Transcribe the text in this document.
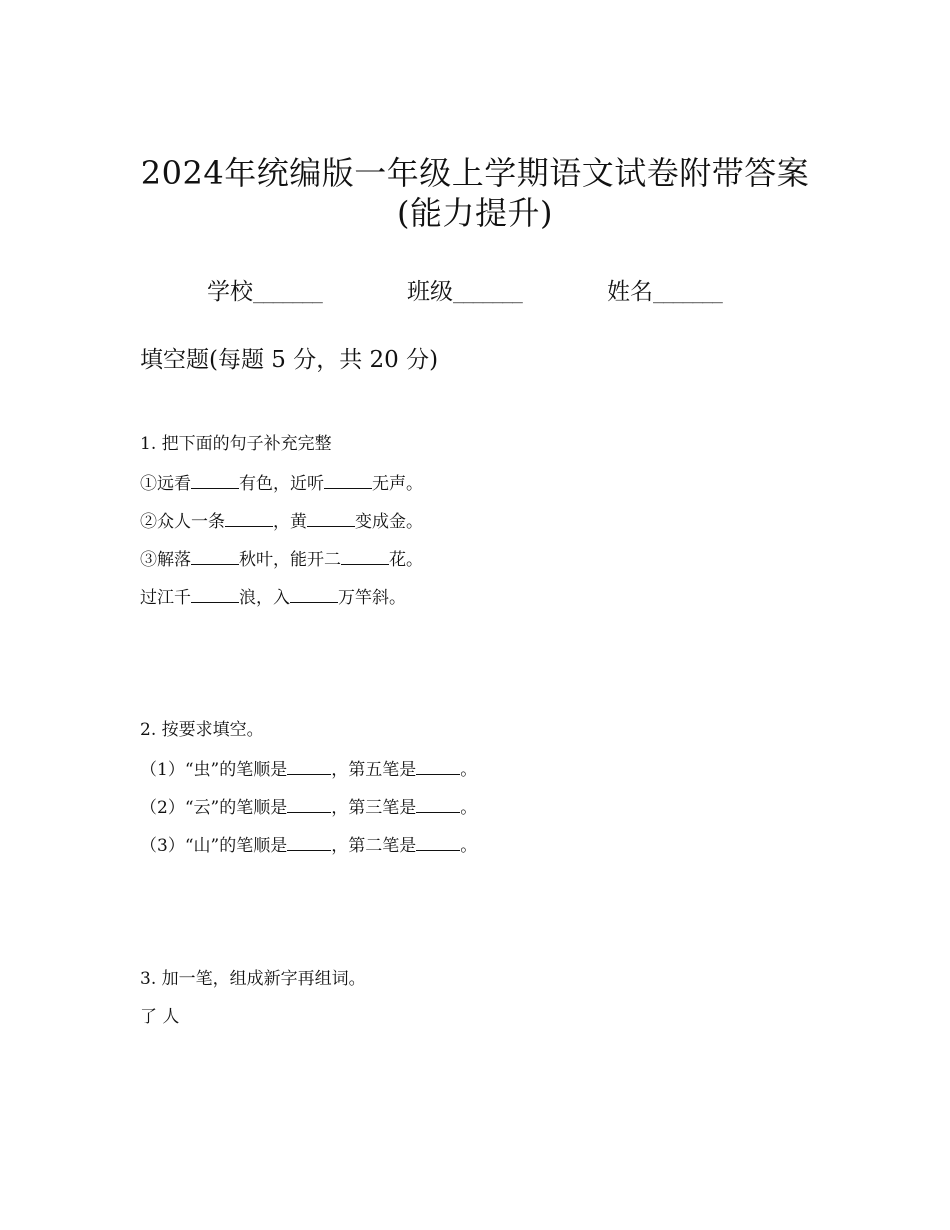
2024年统编版一年级上学期语文试卷附带答案
(能力提升)
学校_______	班级_______	姓名_______
填空题(每题 5 分，共 20 分)
1. 把下面的句子补充完整
①远看	有色，近听	无声。
②众人一条	，黄	变成金。
③解落	秋叶，能开二	花。
过江千	浪，入	万竿斜。
2. 按要求填空。
（1）“虫”的笔顺是	，第五笔是	。
（2）“云”的笔顺是	，第三笔是	。
（3）“山”的笔顺是	，第二笔是	。
3. 加一笔，组成新字再组词。
了 人
